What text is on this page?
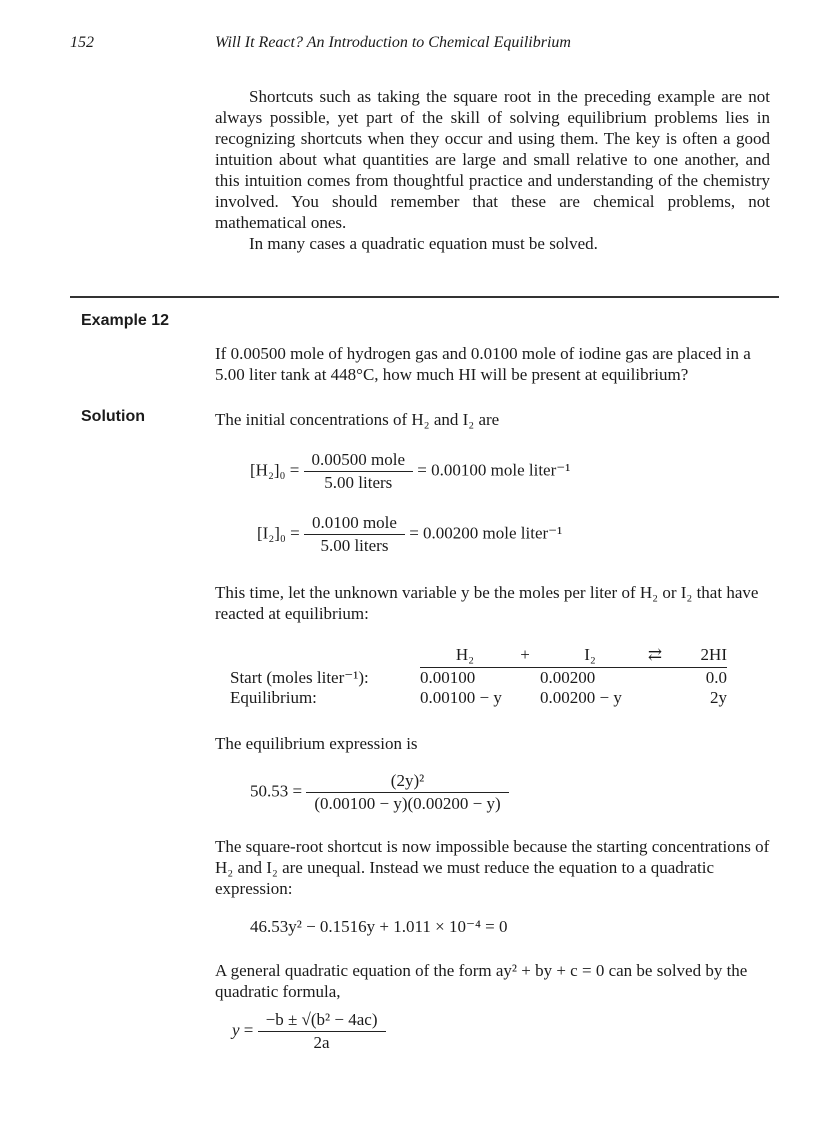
152	Will It React? An Introduction to Chemical Equilibrium

Shortcuts such as taking the square root in the preceding example are not always possible, yet part of the skill of solving equilibrium problems lies in recognizing shortcuts when they occur and using them. The key is often a good intuition about what quantities are large and small relative to one another, and this intuition comes from thoughtful practice and understanding of the chemistry involved. You should remember that these are chemical problems, not mathematical ones.

In many cases a quadratic equation must be solved.

Example 12
If 0.00500 mole of hydrogen gas and 0.0100 mole of iodine gas are placed in a 5.00 liter tank at 448°C, how much HI will be present at equilibrium?
Solution	The initial concentrations of H₂ and I₂ are
$[H_2]_0 = \frac{\text{0.00500 mole}}{\text{5.00 liters}} = 0.00100$ mole liter⁻¹
$[I_2]_0 = \frac{\text{0.0100 mole}}{\text{5.00 liters}} = 0.00200$ mole liter⁻¹
This time, let the unknown variable y be the moles per liter of H₂ or I₂ that have reacted at equilibrium:
	H₂	+	I₂	⇄	2HI
Start (moles liter⁻¹):	0.00100		0.00200		0.0
Equilibrium:	0.00100 − y		0.00200 − y		2y
The equilibrium expression is
$50.53 = \frac{\text{(2y)²}}{(0.00100 - y)(0.00200 - y)}$
The square-root shortcut is now impossible because the starting concentrations of H₂ and I₂ are unequal. Instead we must reduce the equation to a quadratic expression:
46.53y² − 0.1516y + 1.011 × 10⁻⁴ = 0
A general quadratic equation of the form ay² + by + c = 0 can be solved by the quadratic formula,
$y = \frac{\text{−b ± √(b² − 4ac)}}{2a}$
